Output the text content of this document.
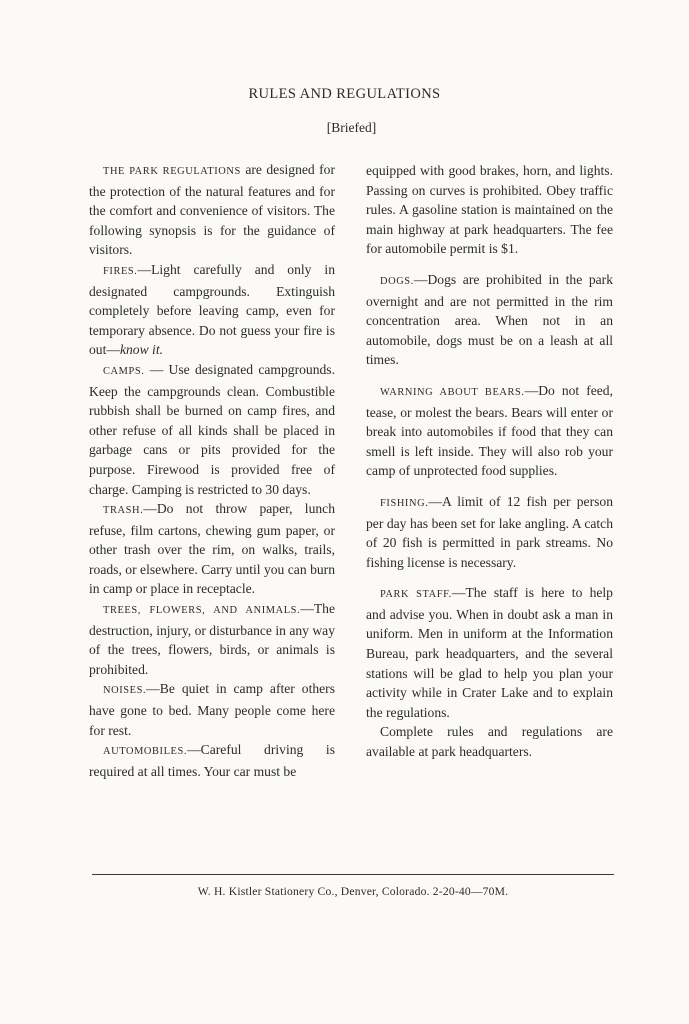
RULES AND REGULATIONS
[Briefed]

THE PARK REGULATIONS are designed for the protection of the natural features and for the comfort and convenience of visitors. The following synopsis is for the guidance of visitors.

FIRES.—Light carefully and only in designated campgrounds. Extinguish completely before leaving camp, even for temporary absence. Do not guess your fire is out—know it.

CAMPS. — Use designated campgrounds. Keep the campgrounds clean. Combustible rubbish shall be burned on camp fires, and other refuse of all kinds shall be placed in garbage cans or pits provided for the purpose. Firewood is provided free of charge. Camping is restricted to 30 days.

TRASH.—Do not throw paper, lunch refuse, film cartons, chewing gum paper, or other trash over the rim, on walks, trails, roads, or elsewhere. Carry until you can burn in camp or place in receptacle.

TREES, FLOWERS, AND ANIMALS.—The destruction, injury, or disturbance in any way of the trees, flowers, birds, or animals is prohibited.

NOISES.—Be quiet in camp after others have gone to bed. Many people come here for rest.

AUTOMOBILES.—Careful driving is required at all times. Your car must be

equipped with good brakes, horn, and lights. Passing on curves is prohibited. Obey traffic rules. A gasoline station is maintained on the main highway at park headquarters. The fee for automobile permit is $1.

DOGS.—Dogs are prohibited in the park overnight and are not permitted in the rim concentration area. When not in an automobile, dogs must be on a leash at all times.

WARNING ABOUT BEARS.—Do not feed, tease, or molest the bears. Bears will enter or break into automobiles if food that they can smell is left inside. They will also rob your camp of unprotected food supplies.

FISHING.—A limit of 12 fish per person per day has been set for lake angling. A catch of 20 fish is permitted in park streams. No fishing license is necessary.

PARK STAFF.—The staff is here to help and advise you. When in doubt ask a man in uniform. Men in uniform at the Information Bureau, park headquarters, and the several stations will be glad to help you plan your activity while in Crater Lake and to explain the regulations.

Complete rules and regulations are available at park headquarters.

W. H. Kistler Stationery Co., Denver, Colorado. 2-20-40—70M.
